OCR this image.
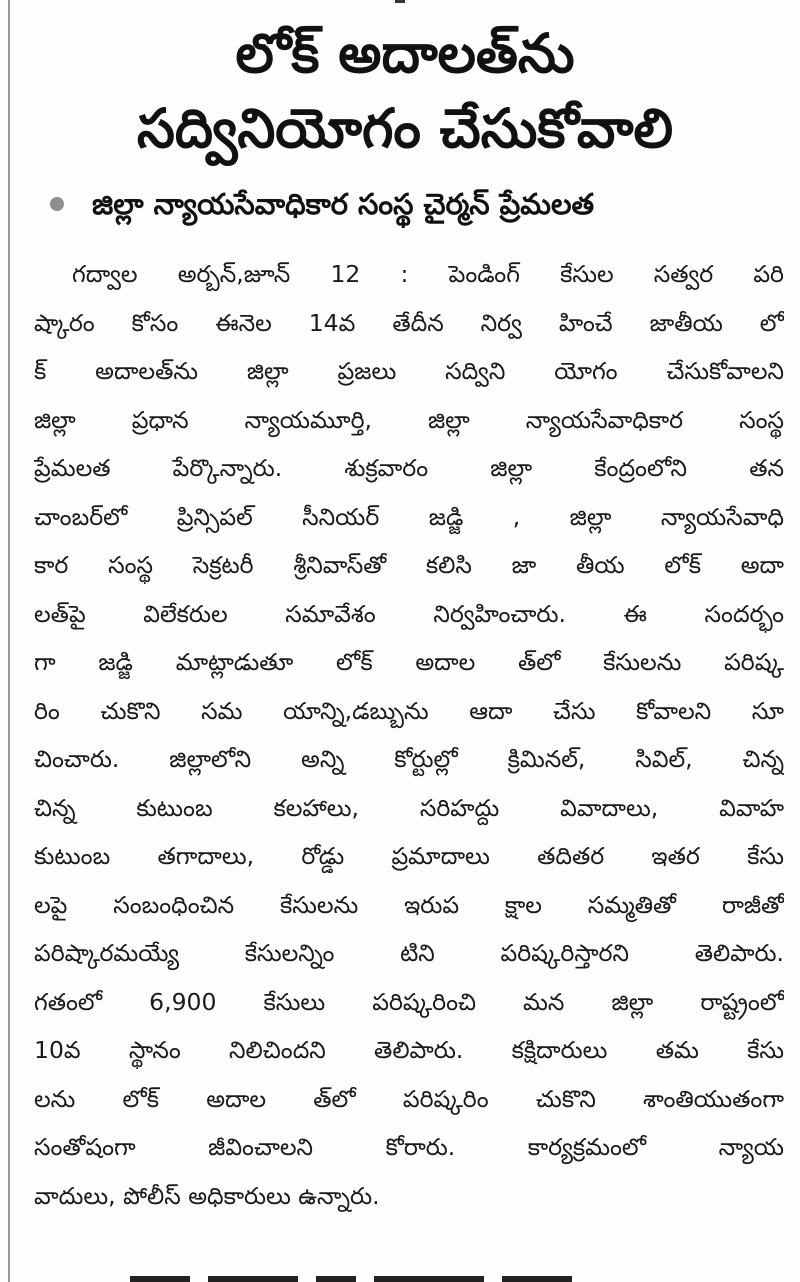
లోక్ అదాలత్‌ను
సద్వినియోగం చేసుకోవాలి
జిల్లా న్యాయసేవాధికార సంస్థ చైర్మన్ ప్రేమలత
గద్వాల అర్బన్,జూన్ 12 : పెండింగ్ కేసుల సత్వర పరి
ష్కారం కోసం ఈనెల 14వ తేదీన నిర్వ హించే జాతీయ లో
క్ అదాలత్‌ను జిల్లా ప్రజలు సద్విని యోగం చేసుకోవాలని
జిల్లా ప్రధాన న్యాయమూర్తి, జిల్లా న్యాయసేవాధికార సంస్థ
ప్రేమలత పేర్కొన్నారు. శుక్రవారం జిల్లా కేంద్రంలోని తన
చాంబర్‌లో ప్రిన్సిపల్ సీనియర్ జడ్జి , జిల్లా న్యాయసేవాధి
కార సంస్థ సెక్రటరీ శ్రీనివాస్‌తో కలిసి జా తీయ లోక్ అదా
లత్‌పై విలేకరుల సమావేశం నిర్వహించారు. ఈ సందర్భం
గా జడ్జి మాట్లాడుతూ లోక్ అదాల త్‌లో కేసులను పరిష్క
రిం చుకొని సమ యాన్ని,డబ్బును ఆదా చేసు కోవాలని సూ
చించారు. జిల్లాలోని అన్ని కోర్టుల్లో క్రిమినల్, సివిల్, చిన్న
చిన్న కుటుంబ కలహాలు, సరిహద్దు వివాదాలు, వివాహ
కుటుంబ తగాదాలు, రోడ్డు ప్రమాదాలు తదితర ఇతర కేసు
లపై సంబంధించిన కేసులను ఇరుప క్షాల సమ్మతితో రాజీతో
పరిష్కారమయ్యే కేసులన్నిం టిని పరిష్కరిస్తారని తెలిపారు.
గతంలో 6,900 కేసులు పరిష్కరించి మన జిల్లా రాష్ట్రంలో
10వ స్థానం నిలిచిందని తెలిపారు. కక్షిదారులు తమ కేసు
లను లోక్ అదాల త్‌లో పరిష్కరిం చుకొని శాంతియుతంగా
సంతోషంగా జీవించాలని కోరారు. కార్యక్రమంలో న్యాయ
వాదులు, పోలీస్ అధికారులు ఉన్నారు.
